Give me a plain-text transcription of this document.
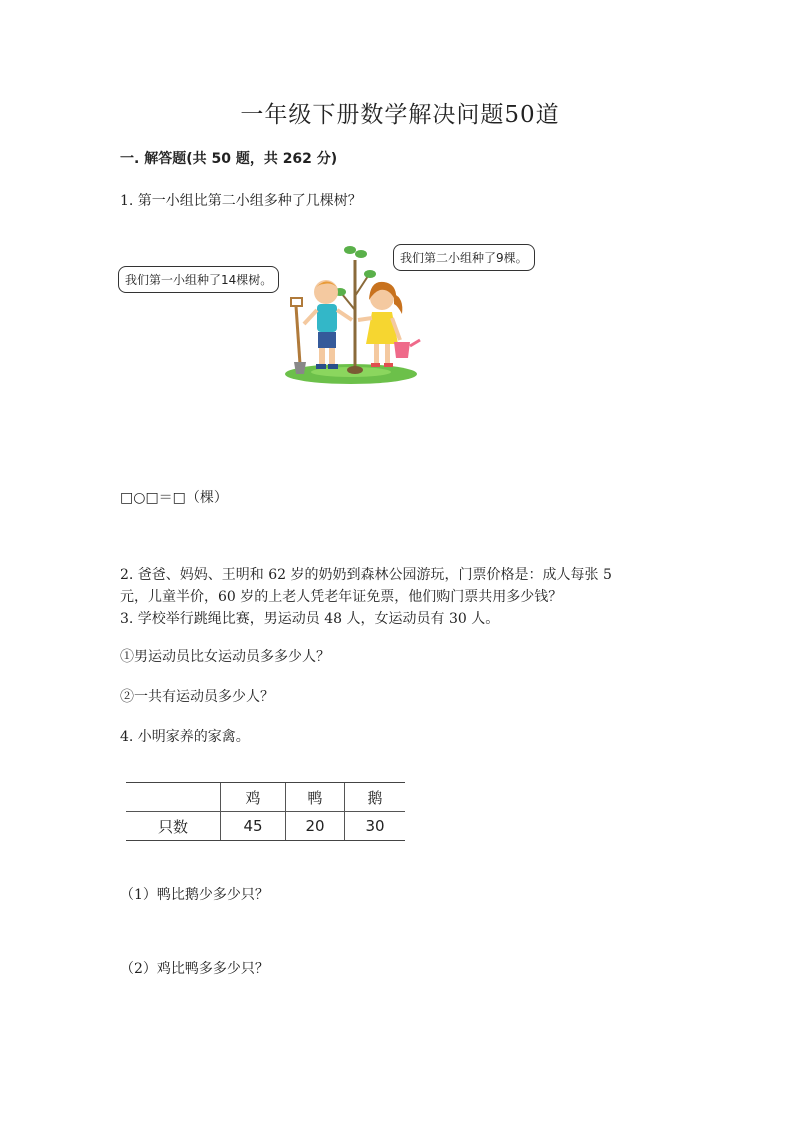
一年级下册数学解决问题50道
一. 解答题(共 50 题，共 262 分)
1. 第一小组比第二小组多种了几棵树？
我们第一小组种了14棵树。
我们第二小组种了9棵。
□○□＝□（棵）
2. 爸爸、妈妈、王明和 62 岁的奶奶到森林公园游玩，门票价格是：成人每张 5
元，儿童半价，60 岁的上老人凭老年证免票，他们购门票共用多少钱？
3. 学校举行跳绳比赛，男运动员 48 人，女运动员有 30 人。
①男运动员比女运动员多多少人？
②一共有运动员多少人？
4. 小明家养的家禽。
	鸡	鸭	鹅
只数	45	20	30
（1）鸭比鹅少多少只？
（2）鸡比鸭多多少只？
